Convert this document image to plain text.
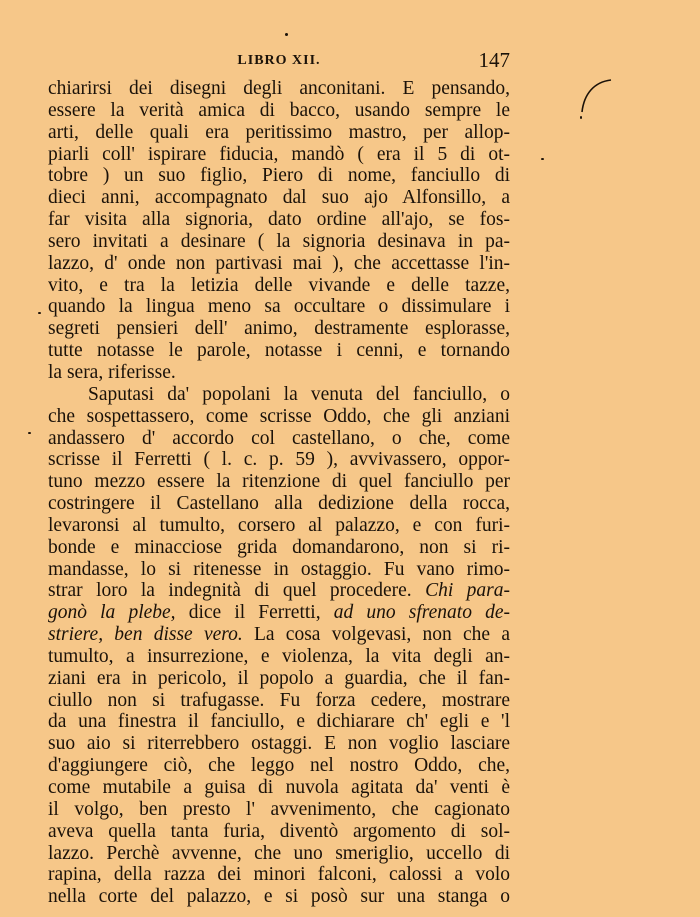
LIBRO XII.	147
chiarirsi dei disegni degli anconitani. E pensando,
essere la verità amica di bacco, usando sempre le
arti, delle quali era peritissimo mastro, per allop-
piarli coll' ispirare fiducia, mandò ( era il 5 di ot-
tobre ) un suo figlio, Piero di nome, fanciullo di
dieci anni, accompagnato dal suo ajo Alfonsillo, a
far visita alla signoria, dato ordine all'ajo, se fos-
sero invitati a desinare ( la signoria desinava in pa-
lazzo, d' onde non partivasi mai ), che accettasse l'in-
vito, e tra la letizia delle vivande e delle tazze,
quando la lingua meno sa occultare o dissimulare i
segreti pensieri dell' animo, destramente esplorasse,
tutte notasse le parole, notasse i cenni, e tornando
la sera, riferisse.
Saputasi da' popolani la venuta del fanciullo, o
che sospettassero, come scrisse Oddo, che gli anziani
andassero d' accordo col castellano, o che, come
scrisse il Ferretti ( l. c. p. 59 ), avvivassero, oppor-
tuno mezzo essere la ritenzione di quel fanciullo per
costringere il Castellano alla dedizione della rocca,
levaronsi al tumulto, corsero al palazzo, e con furi-
bonde e minacciose grida domandarono, non si ri-
mandasse, lo si ritenesse in ostaggio. Fu vano rimo-
strar loro la indegnità di quel procedere. Chi para-
gonò la plebe, dice il Ferretti, ad uno sfrenato de-
striere, ben disse vero. La cosa volgevasi, non che a
tumulto, a insurrezione, e violenza, la vita degli an-
ziani era in pericolo, il popolo a guardia, che il fan-
ciullo non si trafugasse. Fu forza cedere, mostrare
da una finestra il fanciullo, e dichiarare ch' egli e 'l
suo aio si riterrebbero ostaggi. E non voglio lasciare
d'aggiungere ciò, che leggo nel nostro Oddo, che,
come mutabile a guisa di nuvola agitata da' venti è
il volgo, ben presto l' avvenimento, che cagionato
aveva quella tanta furia, diventò argomento di sol-
lazzo. Perchè avvenne, che uno smeriglio, uccello di
rapina, della razza dei minori falconi, calossi a volo
nella corte del palazzo, e si posò sur una stanga o
